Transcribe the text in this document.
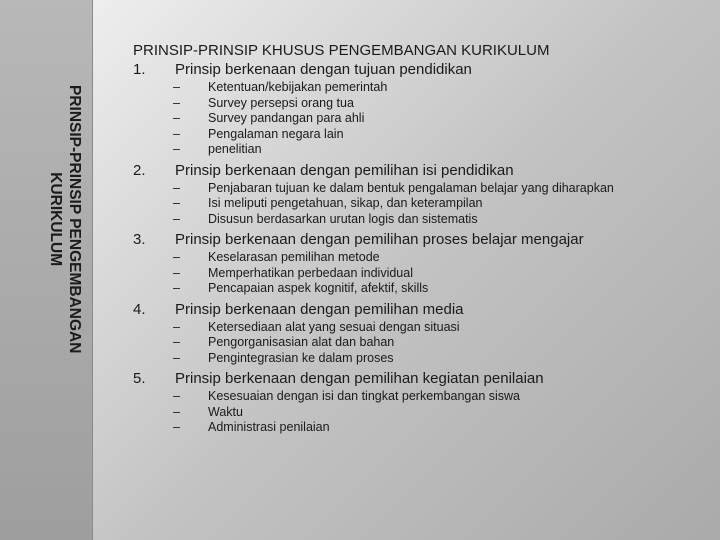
PRINSIP-PRINSIP PENGEMBANGAN
KURIKULUM
PRINSIP-PRINSIP KHUSUS PENGEMBANGAN KURIKULUM
1.	Prinsip berkenaan dengan tujuan pendidikan
–	Ketentuan/kebijakan pemerintah
–	Survey persepsi orang tua
–	Survey pandangan para ahli
–	Pengalaman negara lain
–	penelitian
2.	Prinsip berkenaan dengan pemilihan isi pendidikan
–	Penjabaran tujuan ke dalam bentuk pengalaman belajar yang diharapkan
–	Isi meliputi pengetahuan, sikap, dan keterampilan
–	Disusun berdasarkan urutan logis dan sistematis
3.	Prinsip berkenaan dengan pemilihan proses belajar mengajar
–	Keselarasan pemilihan metode
–	Memperhatikan perbedaan individual
–	Pencapaian aspek kognitif, afektif, skills
4.	Prinsip berkenaan dengan pemilihan media
–	Ketersediaan alat yang sesuai dengan situasi
–	Pengorganisasian alat dan bahan
–	Pengintegrasian ke dalam proses
5.	Prinsip berkenaan dengan pemilihan kegiatan penilaian
–	Kesesuaian dengan isi dan tingkat perkembangan siswa
–	Waktu
–	Administrasi penilaian
